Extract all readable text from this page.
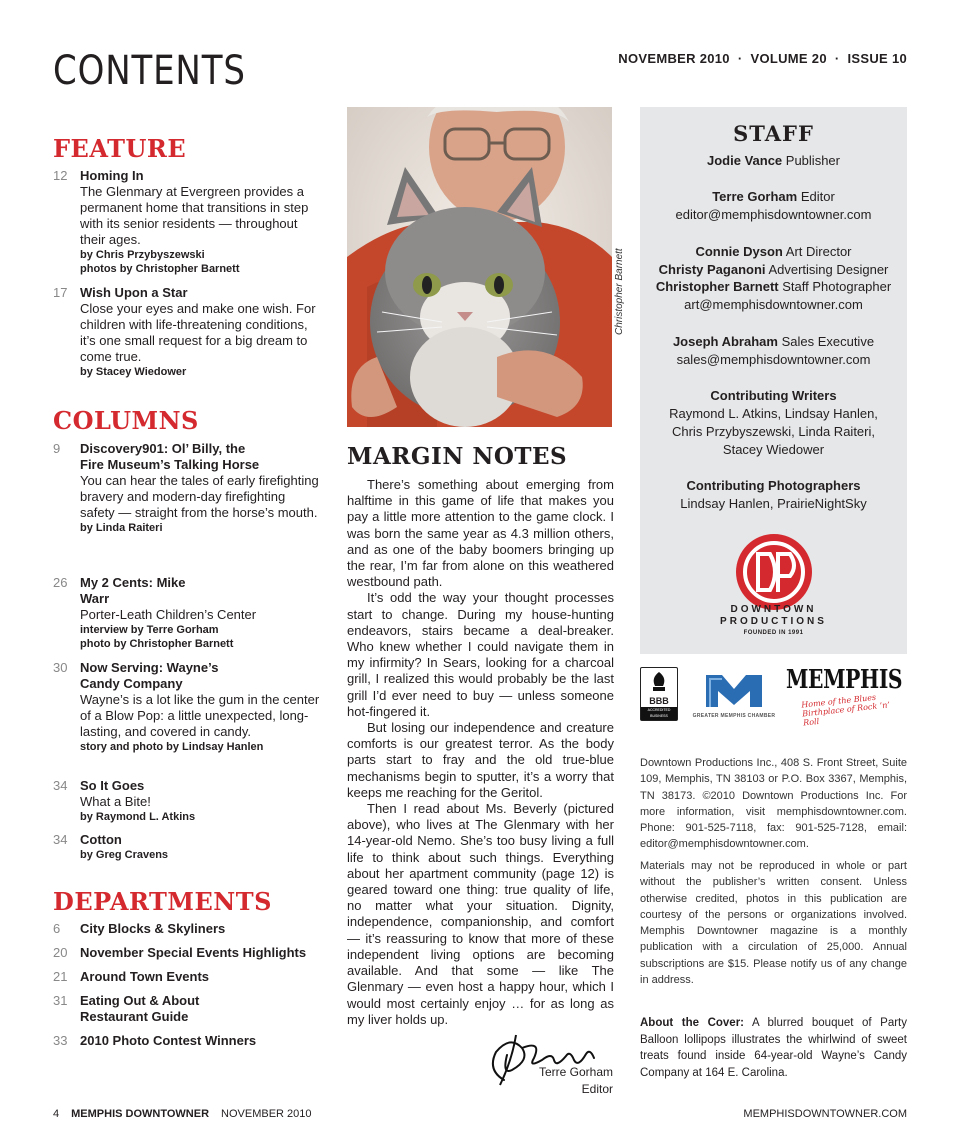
CONTENTS	NOVEMBER 2010 · VOLUME 20 · ISSUE 10
FEATURE
12 Homing In
The Glenmary at Evergreen provides a permanent home that transitions in step with its senior residents — throughout their ages.
by Chris Przybyszewski
photos by Christopher Barnett
17 Wish Upon a Star
Close your eyes and make one wish. For children with life-threatening conditions, it’s one small request for a big dream to come true.
by Stacey Wiedower
COLUMNS
9	Discovery901: Ol’ Billy, the Fire Museum’s Talking Horse
You can hear the tales of early firefighting bravery and modern-day firefighting safety — straight from the horse’s mouth.
by Linda Raiteri
26 My 2 Cents: Mike Warr
Porter-Leath Children’s Center
interview by Terre Gorham
photo by Christopher Barnett
30 Now Serving: Wayne’s Candy Company
Wayne’s is a lot like the gum in the center of a Blow Pop: a little unexpected, long-lasting, and covered in candy.
story and photo by Lindsay Hanlen
34 So It Goes
What a Bite!
by Raymond L. Atkins
34 Cotton
by Greg Cravens
DEPARTMENTS
6	City Blocks & Skyliners
20 November Special Events Highlights
21 Around Town Events
31 Eating Out & About Restaurant Guide
33 2010 Photo Contest Winners
Christopher Barnett
MARGIN NOTES

There’s something about emerging from halftime in this game of life that makes you pay a little more attention to the game clock. I was born the same year as 4.3 million others, and as one of the baby boomers bringing up the rear, I’m far from alone on this weathered westbound path.

It’s odd the way your thought processes start to change. During my house-hunting endeavors, stairs became a deal-breaker. Who knew whether I could navigate them in my infirmity? In Sears, looking for a charcoal grill, I realized this would probably be the last grill I’d ever need to buy — unless someone hot-fingered it.

But losing our independence and creature comforts is our greatest terror. As the body parts start to fray and the old true-blue mechanisms begin to sputter, it’s a worry that keeps me reaching for the Geritol.

Then I read about Ms. Beverly (pictured above), who lives at The Glenmary with her 14-year-old Nemo. She’s too busy living a full life to think about such things. Everything about her apartment community (page 12) is geared toward one thing: true quality of life, no matter what your situation. Dignity, independence, companionship, and comfort — it’s reassuring to know that more of these independent living options are becoming available. And that some — like The Glenmary — even host a happy hour, which I would most certainly enjoy … for as long as my liver holds up.

Terre Gorham
Editor
STAFF
Jodie Vance Publisher
Terre Gorham Editor
editor@memphisdowntowner.com
Connie Dyson Art Director
Christy Paganoni Advertising Designer
Christopher Barnett Staff Photographer
art@memphisdowntowner.com
Joseph Abraham Sales Executive
sales@memphisdowntowner.com
Contributing Writers
Raymond L. Atkins, Lindsay Hanlen,
Chris Przybyszewski, Linda Raiteri,
Stacey Wiedower
Contributing Photographers
Lindsay Hanlen, PrairieNightSky
DOWNTOWN
PRODUCTIONS
FOUNDED IN 1991
BBB
ACCREDITED BUSINESS	GREATER MEMPHIS CHAMBER
MEMPHIS
Home of the Blues Birthplace of Rock ’n’ Roll
Downtown Productions Inc., 408 S. Front Street, Suite 109, Memphis, TN 38103 or P.O. Box 3367, Memphis, TN 38173. ©2010 Downtown Productions Inc. For more information, visit memphisdowntowner.com. Phone: 901-525-7118, fax: 901-525-7128, email: editor@memphisdowntowner.com.
Materials may not be reproduced in whole or part without the publisher’s written consent. Unless otherwise credited, photos in this publication are courtesy of the persons or organizations involved. Memphis Downtowner magazine is a monthly publication with a circulation of 25,000. Annual subscriptions are $15. Please notify us of any change in address.
About the Cover: A blurred bouquet of Party Balloon lollipops illustrates the whirlwind of sweet treats found inside 64-year-old Wayne’s Candy Company at 164 E. Carolina.
4 MEMPHIS DOWNTOWNER NOVEMBER 2010	MEMPHISDOWNTOWNER.COM
